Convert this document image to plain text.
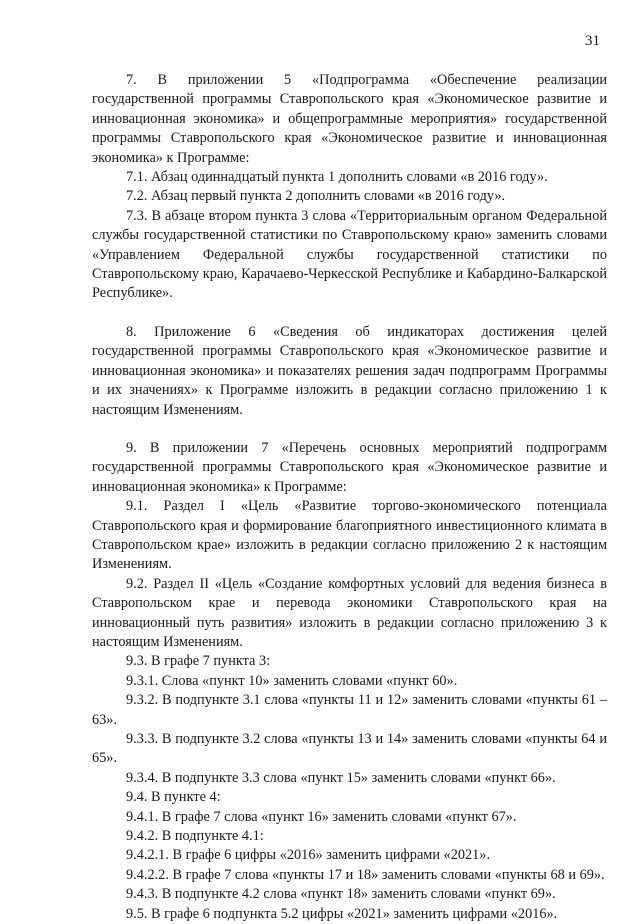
31

7. В приложении 5 «Подпрограмма «Обеспечение реализации государственной программы Ставропольского края «Экономическое развитие и инновационная экономика» и общепрограммные мероприятия» государственной программы Ставропольского края «Экономическое развитие и инновационная экономика» к Программе:

7.1. Абзац одиннадцатый пункта 1 дополнить словами «в 2016 году».

7.2. Абзац первый пункта 2 дополнить словами «в 2016 году».

7.3. В абзаце втором пункта 3 слова «Территориальным органом Федеральной службы государственной статистики по Ставропольскому краю» заменить словами «Управлением Федеральной службы государственной статистики по Ставропольскому краю, Карачаево-Черкесской Республике и Кабардино-Балкарской Республике».

8. Приложение 6 «Сведения об индикаторах достижения целей государственной программы Ставропольского края «Экономическое развитие и инновационная экономика» и показателях решения задач подпрограмм Программы и их значениях» к Программе изложить в редакции согласно приложению 1 к настоящим Изменениям.

9. В приложении 7 «Перечень основных мероприятий подпрограмм государственной программы Ставропольского края «Экономическое развитие и инновационная экономика» к Программе:

9.1. Раздел I «Цель «Развитие торгово-экономического потенциала Ставропольского края и формирование благоприятного инвестиционного климата в Ставропольском крае» изложить в редакции согласно приложению 2 к настоящим Изменениям.

9.2. Раздел II «Цель «Создание комфортных условий для ведения бизнеса в Ставропольском крае и перевода экономики Ставропольского края на инновационный путь развития» изложить в редакции согласно приложению 3 к настоящим Изменениям.

9.3. В графе 7 пункта 3:

9.3.1. Слова «пункт 10» заменить словами «пункт 60».

9.3.2. В подпункте 3.1 слова «пункты 11 и 12» заменить словами «пункты 61 – 63».

9.3.3. В подпункте 3.2 слова «пункты 13 и 14» заменить словами «пункты 64 и 65».

9.3.4. В подпункте 3.3 слова «пункт 15» заменить словами «пункт 66».

9.4. В пункте 4:

9.4.1. В графе 7 слова «пункт 16» заменить словами «пункт 67».

9.4.2. В подпункте 4.1:

9.4.2.1. В графе 6 цифры «2016» заменить цифрами «2021».

9.4.2.2. В графе 7 слова «пункты 17 и 18» заменить словами «пункты 68 и 69».

9.4.3. В подпункте 4.2 слова «пункт 18» заменить словами «пункт 69».

9.5. В графе 6 подпункта 5.2 цифры «2021» заменить цифрами «2016».
